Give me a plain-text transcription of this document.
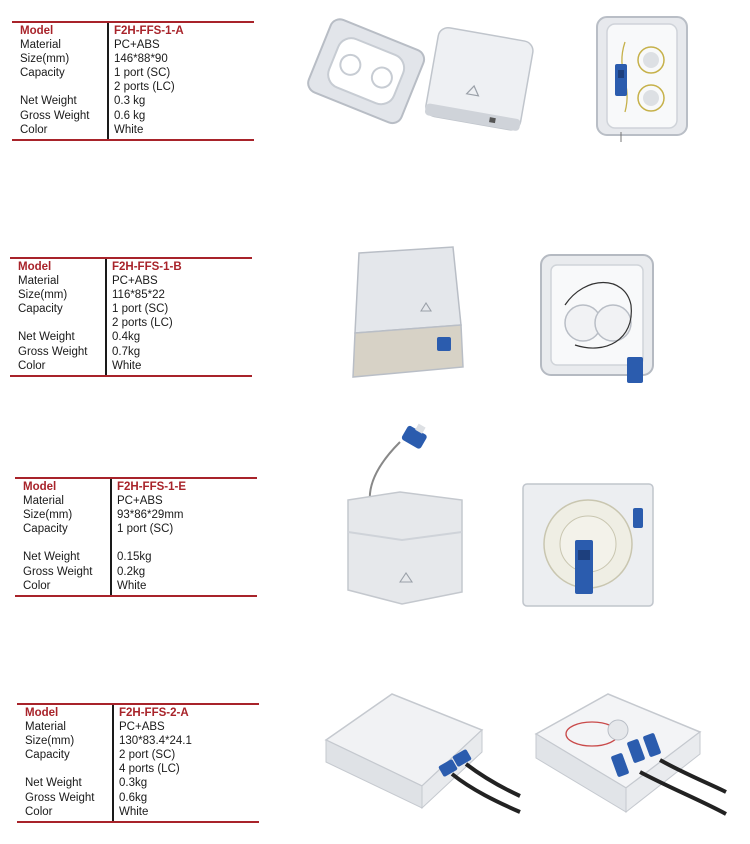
Model	F2H-FFS-1-A
Material	PC+ABS
Size(mm)	146*88*90
Capacity	1 port (SC)
2 ports (LC)
Net Weight	0.3 kg
Gross Weight	0.6 kg
Color	White
Model	F2H-FFS-1-B
Material	PC+ABS
Size(mm)	116*85*22
Capacity	1 port (SC)
2 ports (LC)
Net Weight	0.4kg
Gross Weight	0.7kg
Color	White
Model	F2H-FFS-1-E
Material	PC+ABS
Size(mm)	93*86*29mm
Capacity	1 port (SC)
Net Weight	0.15kg
Gross Weight	0.2kg
Color	White
Model	F2H-FFS-2-A
Material	PC+ABS
Size(mm)	130*83.4*24.1
Capacity	2 port (SC)
4 ports (LC)
Net Weight	0.3kg
Gross Weight	0.6kg
Color	White
